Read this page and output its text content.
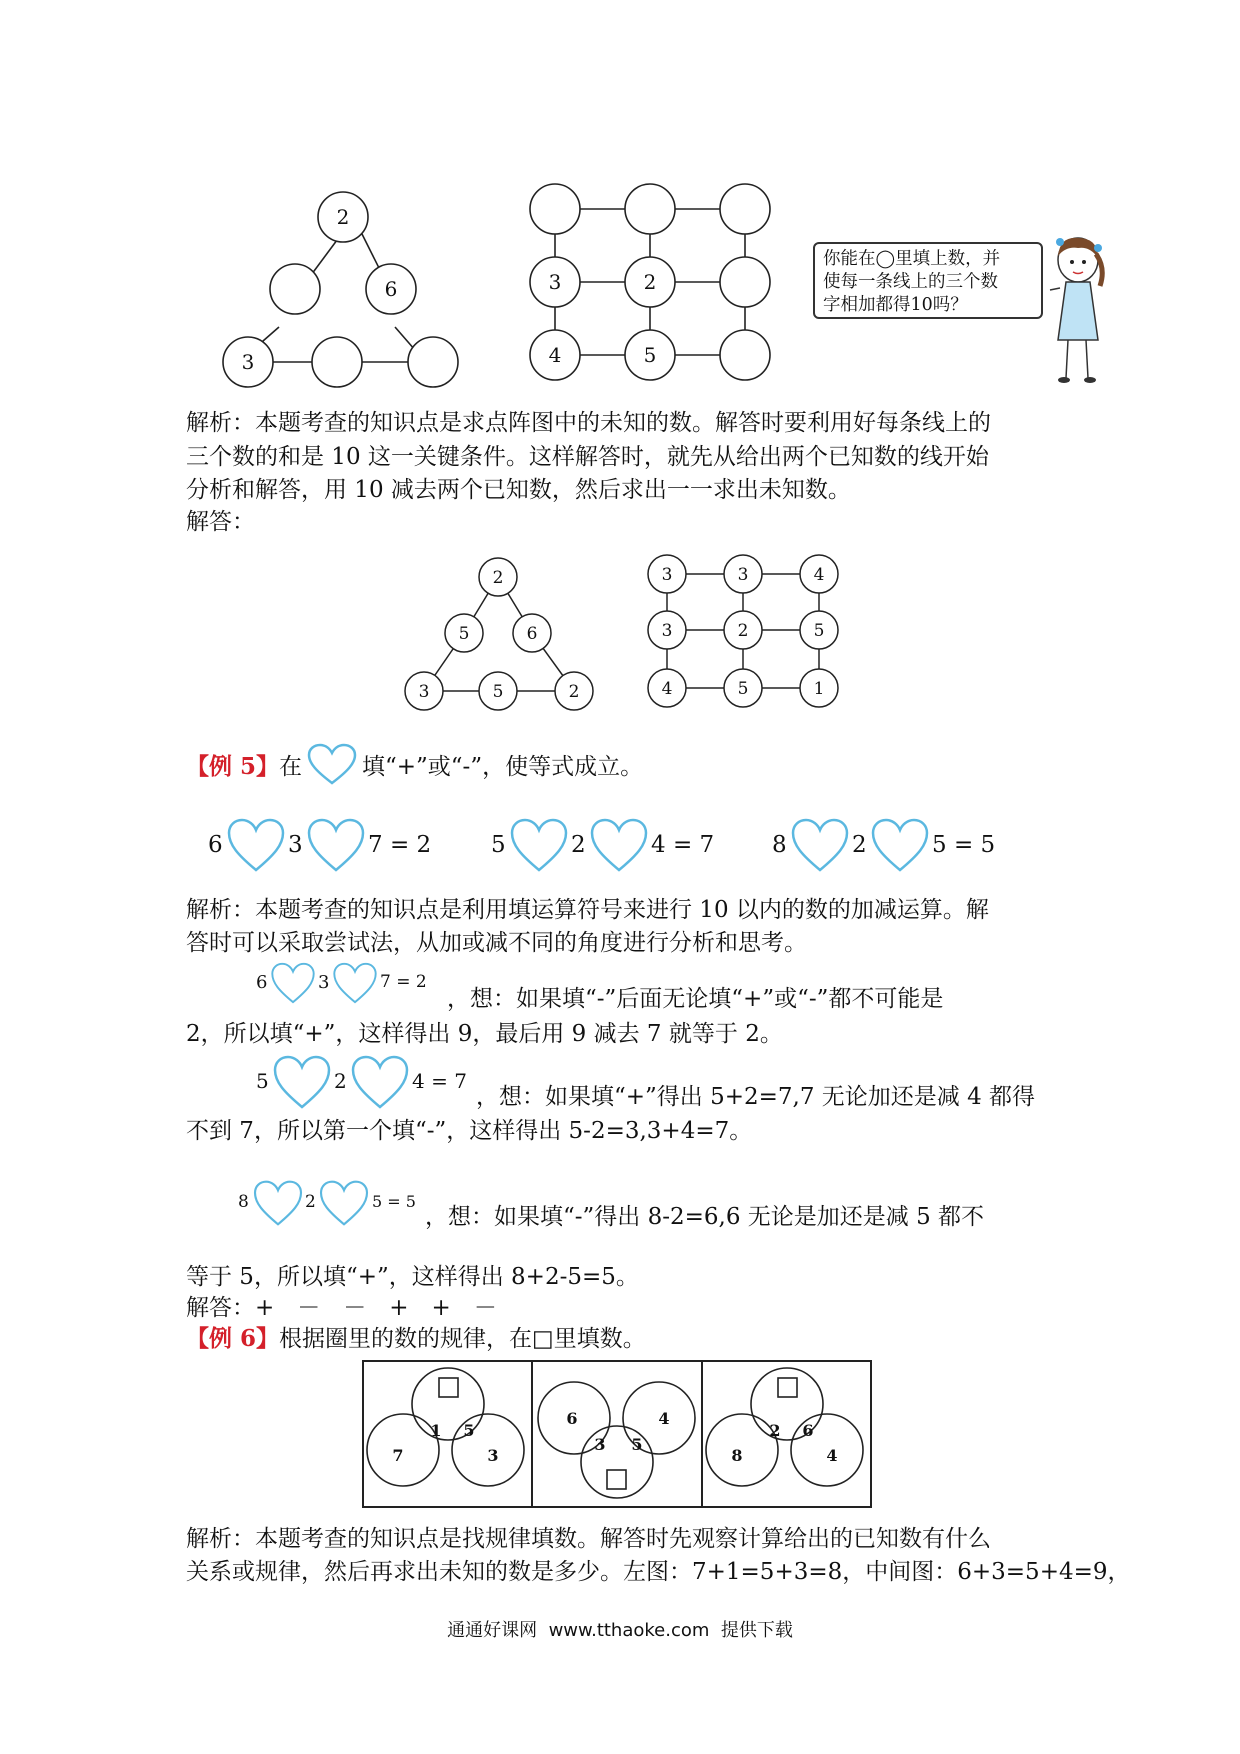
2
6
3
3	2
4	5
你能在◯里填上数，并
使每一条线上的三个数
字相加都得10吗？
解析：本题考查的知识点是求点阵图中的未知的数。解答时要利用好每条线上的
三个数的和是 10 这一关键条件。这样解答时，就先从给出两个已知数的线开始
分析和解答，用 10 减去两个已知数，然后求出一一求出未知数。
解答：
2
5	6
3	5	2
3	3	4
3	2	5
4	5	1
【例 5】在	填“+”或“-”，使等式成立。
6	3	7 = 2	5	2	4 = 7	8	2	5 = 5
解析：本题考查的知识点是利用填运算符号来进行 10 以内的数的加减运算。解
答时可以采取尝试法，从加或减不同的角度进行分析和思考。
6	3	7 = 2
，想：如果填“-”后面无论填“+”或“-”都不可能是
2，所以填“+”，这样得出 9，最后用 9 减去 7 就等于 2。
5	2	4 = 7
，想：如果填“+”得出 5+2=7,7 无论加还是减 4 都得
不到 7，所以第一个填“-”，这样得出 5-2=3,3+4=7。
8	2	5 = 5
，想：如果填“-”得出 8-2=6,6 无论是加还是减 5 都不
等于 5，所以填“+”，这样得出 8+2-5=5。
解答：+　－　－　+　+　－
【例 6】根据圈里的数的规律，在□里填数。
7
1 5
3
6
3 5
4
8
2 6
4
解析：本题考查的知识点是找规律填数。解答时先观察计算给出的已知数有什么
关系或规律，然后再求出未知的数是多少。左图：7+1=5+3=8，中间图：6+3=5+4=9，
通通好课网  www.tthaoke.com  提供下载
